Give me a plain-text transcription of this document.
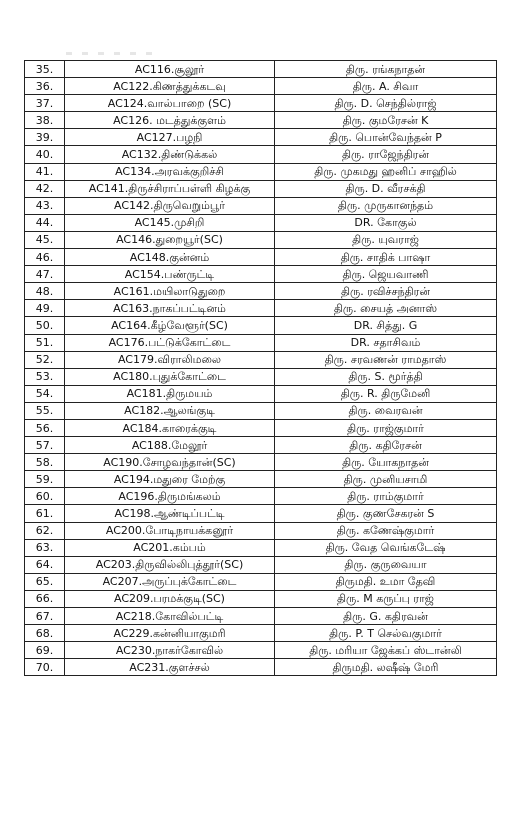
35.	AC116.சூலூர்	திரு. ரங்கநாதன்
36.	AC122.கிணத்துக்கடவு	திரு. A. சிவா
37.	AC124.வால்பாறை (SC)	திரு. D. செந்தில்ராஜ்
38.	AC126. மடத்துக்குளம்	திரு. குமரேசன் K
39.	AC127.பழநி	திரு. பொன்வேந்தன் P
40.	AC132.திண்டுக்கல்	திரு. ராஜேந்திரன்
41.	AC134.அரவக்குறிச்சி	திரு. முகமது ஹனிப் சாஹில்
42.	AC141.திருச்சிராப்பள்ளி கிழக்கு	திரு. D. வீரசக்தி
43.	AC142.திருவெறும்பூர்	திரு. முருகானந்தம்
44.	AC145.முசிறி	DR. கோகுல்
45.	AC146.துறையூர்(SC)	திரு. யுவராஜ்
46.	AC148.குன்னம்	திரு. சாதிக் பாஷா
47.	AC154.பண்ருட்டி	திரு. ஜெயவாணி
48.	AC161.மயிலாடுதுறை	திரு. ரவிச்சந்திரன்
49.	AC163.நாகப்பட்டினம்	திரு. சையத் அனாஸ்
50.	AC164.கீழ்வேளூர்(SC)	DR. சித்து. G
51.	AC176.பட்டுக்கோட்டை	DR. சதாசிவம்
52.	AC179.விராலிமலை	திரு. சரவணன் ராமதாஸ்
53.	AC180.புதுக்கோட்டை	திரு. S. மூர்த்தி
54.	AC181.திருமயம்	திரு. R. திருமேனி
55.	AC182.ஆலங்குடி	திரு. வைரவன்
56.	AC184.காரைக்குடி	திரு. ராஜ்குமார்
57.	AC188.மேலூர்	திரு. கதிரேசன்
58.	AC190.சோழவந்தான்(SC)	திரு. யோகநாதன்
59.	AC194.மதுரை மேற்கு	திரு. முனியசாமி
60.	AC196.திருமங்கலம்	திரு. ராம்குமார்
61.	AC198.ஆண்டிப்பட்டி	திரு. குணசேகரன் S
62.	AC200.போடிநாயக்கனூர்	திரு. கணேஷ்குமார்
63.	AC201.கம்பம்	திரு. வேத வெங்கடேஷ்
64.	AC203.திருவில்லிபுத்தூர்(SC)	திரு. குருவையா
65.	AC207.அருப்புக்கோட்டை	திருமதி. உமா தேவி
66.	AC209.பரமக்குடி(SC)	திரு. M கருப்பு ராஜ்
67.	AC218.கோவில்பட்டி	திரு. G. கதிரவன்
68.	AC229.கன்னியாகுமரி	திரு. P. T செல்வகுமார்
69.	AC230.நாகர்கோவில்	திரு. மரியா ஜேக்கப் ஸ்டான்லி
70.	AC231.குளச்சல்	திருமதி. லஷீஷ் மேரி
